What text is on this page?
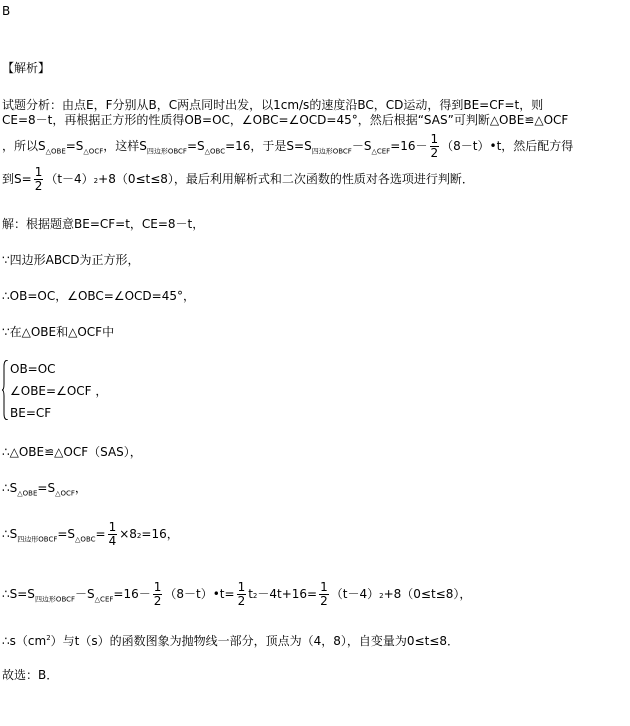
B
【解析】
试题分析：由点E，F分别从B，C两点同时出发，以1cm/s的速度沿BC，CD运动，得到BE=CF=t，则
CE=8－t，再根据正方形的性质得OB=OC，∠OBC=∠OCD=45°，然后根据“SAS”可判断△OBE≌△OCF
，所以$S_{\triangle OBE}=S_{\triangle OCF}$，这样$S_{四边形OBCF}=S_{\triangle OBC}=16$，于是$S=S_{四边形OBCF}-S_{\triangle CEF}=16- \frac{1}{2}$ （8－t）•t，然后配方得
到$S= \frac{1}{2} (t-4)2+8(0\le t\le 8)$，最后利用解析式和二次函数的性质对各选项进行判断．
解：根据题意BE=CF=t，CE=8－t，
∵四边形ABCD为正方形，
∴OB=OC，∠OBC=∠OCD=45°，
∵在△OBE和△OCF中
OB=OC
∠OBE=∠OCF ，
BE=CF
∴△OBE≌△OCF（SAS），
$\therefore S_{\triangle OBE}=S_{\triangle OCF}$，
$\therefore S_{四边形OBCF}=S_{\triangle OBC}= \frac{1}{4} \times 82=16$，
$\therefore S=S_{四边形OBCF}-S_{\triangle CEF}=16- \frac{1}{2}$ （8－t）•t= $\frac{1}{2} t2-4t+16= \frac{1}{2} (t-4)2+8(0\le t\le 8)$，
$\therefore s(cm^2)$与t（s）的函数图象为抛物线一部分，顶点为（4，8），自变量为0≤t≤8．
故选：B．
